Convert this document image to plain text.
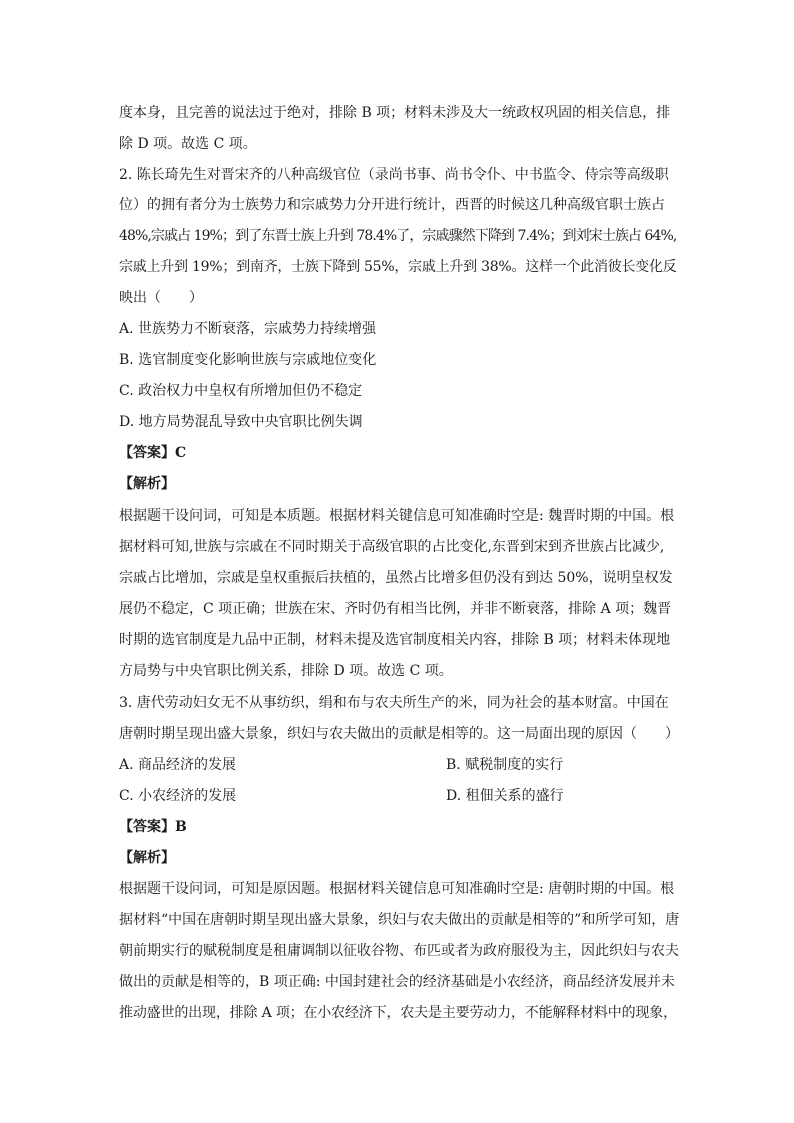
度本身，且完善的说法过于绝对，排除 B 项；材料未涉及大一统政权巩固的相关信息，排
除 D 项。故选 C 项。
2. 陈长琦先生对晋宋齐的八种高级官位（录尚书事、尚书令仆、中书监令、侍宗等高级职
位）的拥有者分为士族势力和宗戚势力分开进行统计，西晋的时候这几种高级官职士族占
48%,宗戚占 19%；到了东晋士族上升到 78.4%了，宗戚骤然下降到 7.4%；到刘宋士族占 64%,
宗戚上升到 19%；到南齐，士族下降到 55%，宗戚上升到 38%。这样一个此消彼长变化反
映出（　　）
A. 世族势力不断衰落，宗戚势力持续增强
B. 选官制度变化影响世族与宗戚地位变化
C. 政治权力中皇权有所增加但仍不稳定
D. 地方局势混乱导致中央官职比例失调
【答案】C
【解析】
根据题干设问词，可知是本质题。根据材料关键信息可知准确时空是: 魏晋时期的中国。根
据材料可知,世族与宗戚在不同时期关于高级官职的占比变化,东晋到宋到齐世族占比减少,
宗戚占比增加，宗戚是皇权重振后扶植的，虽然占比增多但仍没有到达 50%，说明皇权发
展仍不稳定，C 项正确；世族在宋、齐时仍有相当比例，并非不断衰落，排除 A 项；魏晋
时期的选官制度是九品中正制，材料未提及选官制度相关内容，排除 B 项；材料未体现地
方局势与中央官职比例关系，排除 D 项。故选 C 项。
3. 唐代劳动妇女无不从事纺织，绢和布与农夫所生产的米，同为社会的基本财富。中国在
唐朝时期呈现出盛大景象，织妇与农夫做出的贡献是相等的。这一局面出现的原因（　　）
A. 商品经济的发展	B. 赋税制度的实行
C. 小农经济的发展	D. 租佃关系的盛行
【答案】B
【解析】
根据题干设问词，可知是原因题。根据材料关键信息可知准确时空是: 唐朝时期的中国。根
据材料“中国在唐朝时期呈现出盛大景象，织妇与农夫做出的贡献是相等的”和所学可知，唐
朝前期实行的赋税制度是租庸调制以征收谷物、布匹或者为政府服役为主，因此织妇与农夫
做出的贡献是相等的，B 项正确: 中国封建社会的经济基础是小农经济，商品经济发展并未
推动盛世的出现，排除 A 项；在小农经济下，农夫是主要劳动力，不能解释材料中的现象，
